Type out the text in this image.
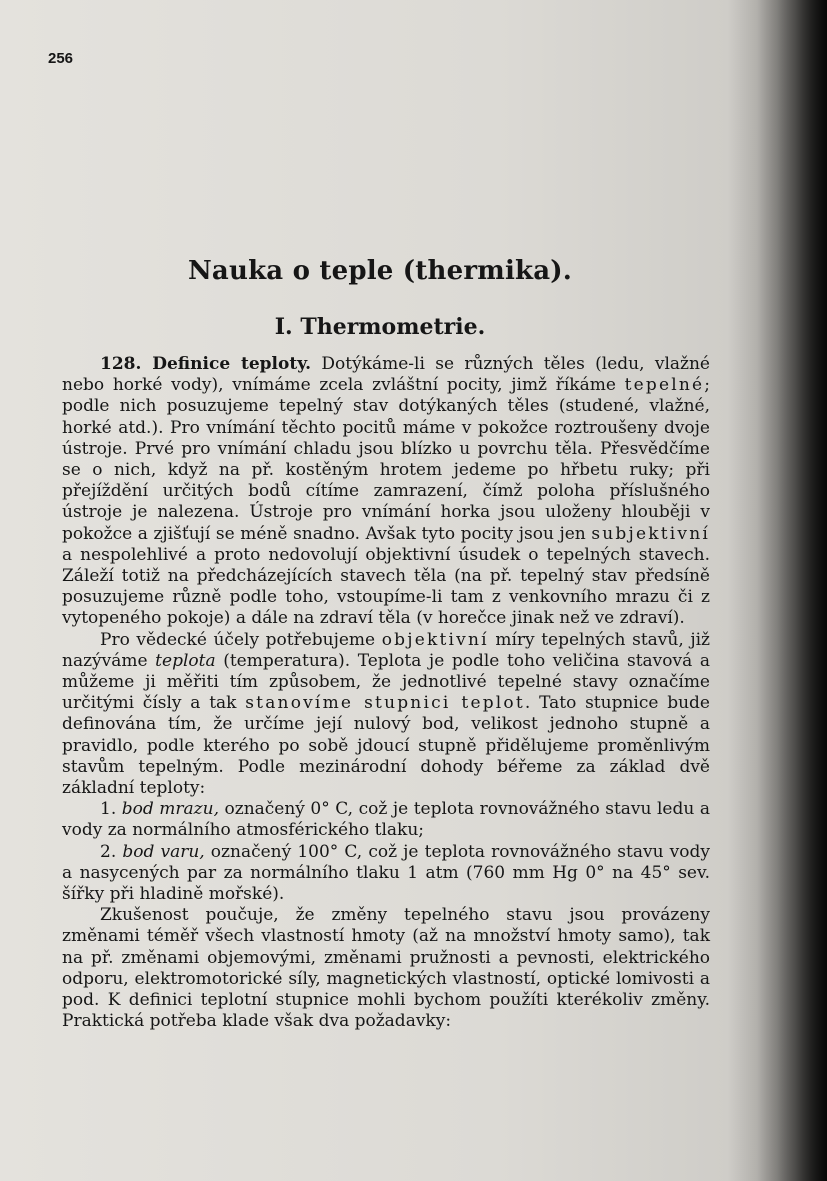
256
Nauka o teple (thermika).
I. Thermometrie.

128. Definice teploty. Dotýkáme-li se různých těles (ledu, vlažné nebo horké vody), vnímáme zcela zvláštní pocity, jimž říkáme tepelné; podle nich posuzujeme tepelný stav dotýkaných těles (studené, vlažné, horké atd.). Pro vnímání těchto pocitů máme v pokožce roztroušeny dvoje ústroje. Prvé pro vnímání chladu jsou blízko u povrchu těla. Přesvědčíme se o nich, když na př. kostěným hrotem jedeme po hřbetu ruky; při přejíždění určitých bodů cítíme zamrazení, čímž poloha příslušného ústroje je nalezena. Ústroje pro vnímání horka jsou uloženy hlouběji v pokožce a zjišťují se méně snadno. Avšak tyto pocity jsou jen subjektivní a nespolehlivé a proto nedovolují objektivní úsudek o tepelných stavech. Záleží totiž na předcházejících stavech těla (na př. tepelný stav předsíně posuzujeme různě podle toho, vstoupíme-li tam z venkovního mrazu či z vytopeného pokoje) a dále na zdraví těla (v horečce jinak než ve zdraví).

Pro vědecké účely potřebujeme objektivní míry tepelných stavů, již nazýváme teplota (temperatura). Teplota je podle toho veličina stavová a můžeme ji měřiti tím způsobem, že jednotlivé tepelné stavy označíme určitými čísly a tak stanovíme stupnici teplot. Tato stupnice bude definována tím, že určíme její nulový bod, velikost jednoho stupně a pravidlo, podle kterého po sobě jdoucí stupně přidělujeme proměnlivým stavům tepelným. Podle mezinárodní dohody béřeme za základ dvě základní teploty:

1. bod mrazu, označený 0° C, což je teplota rovnovážného stavu ledu a vody za normálního atmosférického tlaku;

2. bod varu, označený 100° C, což je teplota rovnovážného stavu vody a nasycených par za normálního tlaku 1 atm (760 mm Hg 0° na 45° sev. šířky při hladině mořské).

Zkušenost poučuje, že změny tepelného stavu jsou provázeny změnami téměř všech vlastností hmoty (až na množství hmoty samo), tak na př. změnami objemovými, změnami pružnosti a pevnosti, elektrického odporu, elektromotorické síly, magnetických vlastností, optické lomivosti a pod. K definici teplotní stupnice mohli bychom použíti kterékoliv změny. Praktická potřeba klade však dva požadavky:
